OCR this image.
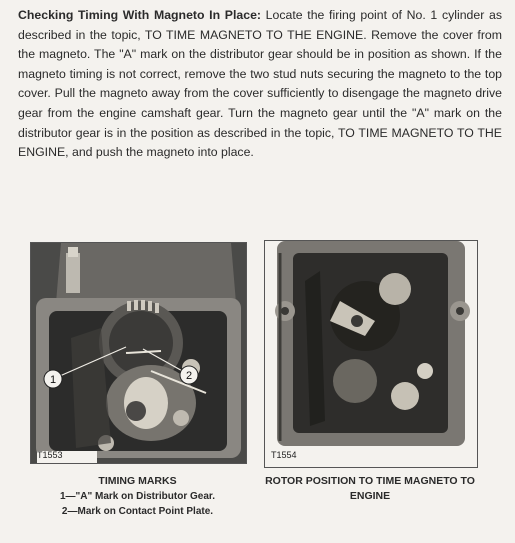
Checking Timing With Magneto In Place: Locate the firing point of No. 1 cylinder as described in the topic, TO TIME MAGNETO TO THE ENGINE. Remove the cover from the magneto. The "A" mark on the distributor gear should be in position as shown. If the magneto timing is not correct, remove the two stud nuts securing the magneto to the top cover. Pull the magneto away from the cover sufficiently to disengage the magneto drive gear from the engine camshaft gear. Turn the magneto gear until the "A" mark on the distributor gear is in the position as described in the topic, TO TIME MAGNETO TO THE ENGINE, and push the magneto into place.
1	2
T1553	T1554
TIMING MARKS
1—"A" Mark on Distributor Gear.
2—Mark on Contact Point Plate.
ROTOR POSITION TO TIME MAGNETO TO ENGINE
